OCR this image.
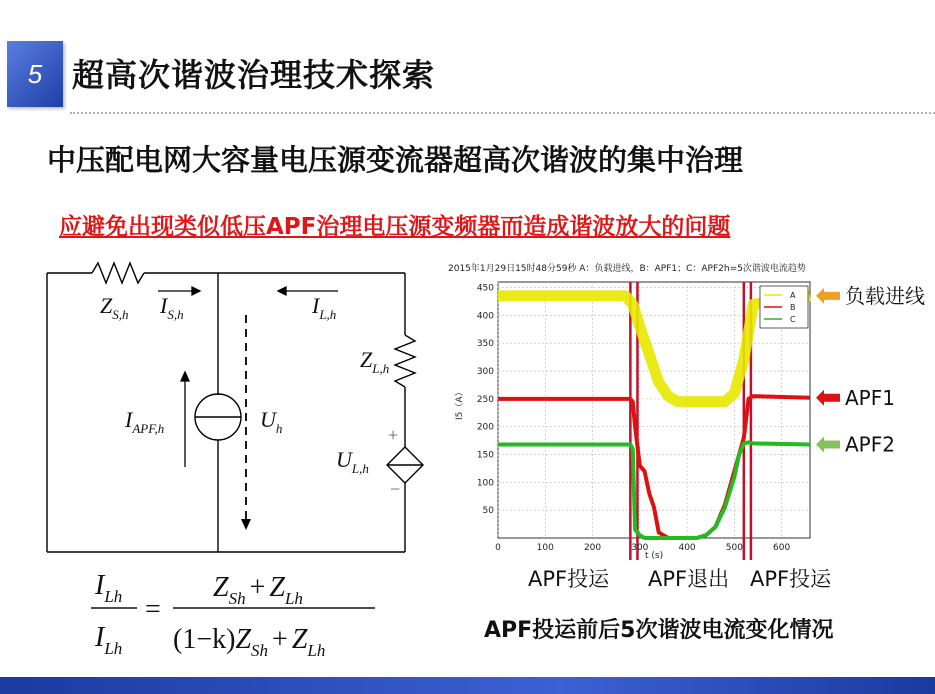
5 超高次谐波治理技术探索
中压配电网大容量电压源变流器超高次谐波的集中治理
应避免出现类似低压APF治理电压源变频器而造成谐波放大的问题
$Z_{S,h}$ $I_{S,h}$	$I_{L,h}$
$Z_{L,h}$
$I_{APF,h}$	$U_h$
$U_{L,h}$
+
−
$I_{Lh}$
$I_{Lh}$
=
$Z_{Sh} + Z_{Lh}$
$(1-k)Z_{Sh} + Z_{Lh}$
2015年1月29日15时48分59秒 A：负载进线，B：APF1；C：APF2h=5次谐波电流趋势
50
100
150
200
250
300
350
400
450
0	100	200	300	400	500	600
I5（A）
t (s)
A
B
C
负载进线
APF1
APF2
APF投运 APF退出 APF投运
APF投运前后5次谐波电流变化情况
